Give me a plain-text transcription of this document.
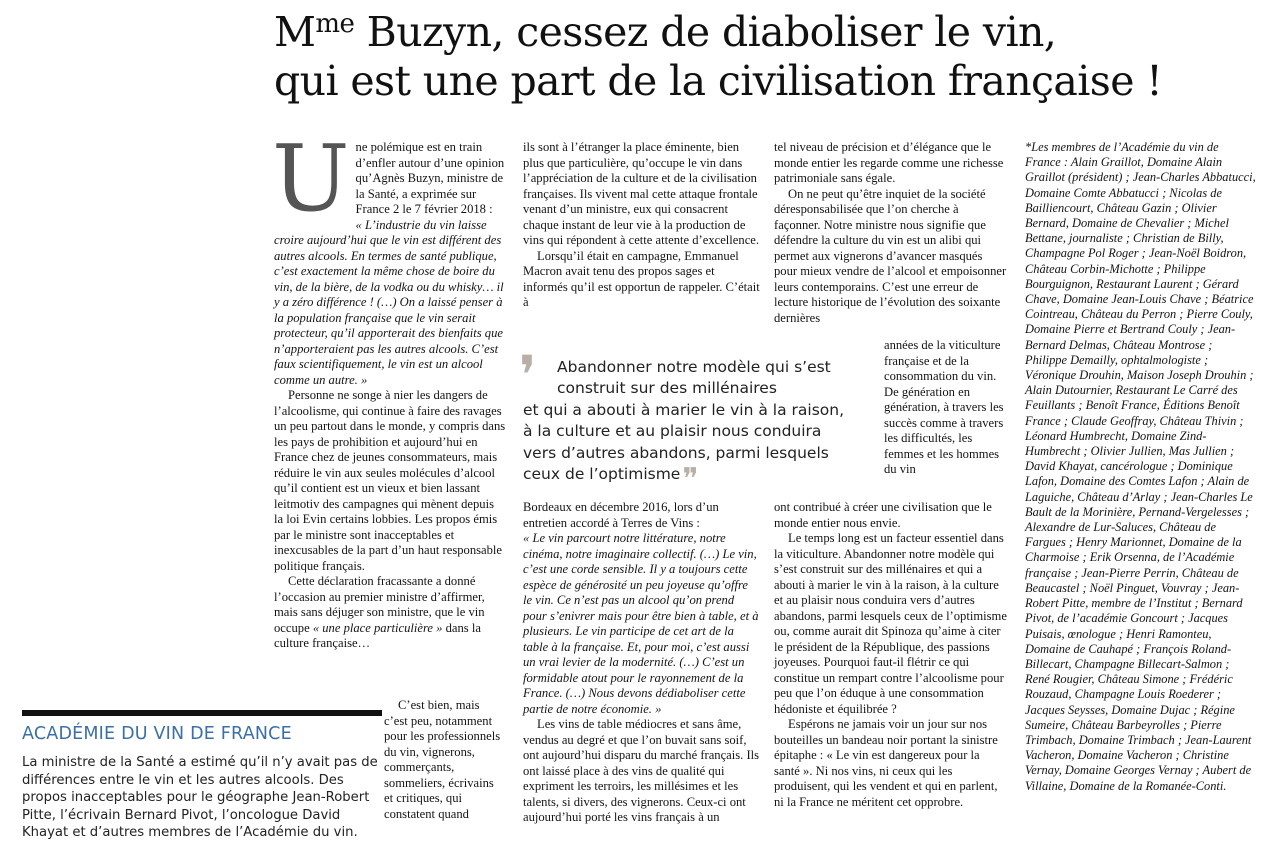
$M^{me}$ Buzyn, cessez de diaboliser le vin,
qui est une part de la civilisation française !
U ne polémique est en train d’enfler autour d’une opinion qu’Agnès Buzyn, ministre de la Santé, a exprimée sur France 2 le 7 février 2018 :

« L’industrie du vin laisse croire aujourd’hui que le vin est différent des autres alcools. En termes de santé publique, c’est exactement la même chose de boire du vin, de la bière, de la vodka ou du whisky… il y a zéro différence ! (…) On a laissé penser à la population française que le vin serait protecteur, qu’il apporterait des bienfaits que n’apporteraient pas les autres alcools. C’est faux scientifiquement, le vin est un alcool comme un autre. »

Personne ne songe à nier les dangers de l’alcoolisme, qui continue à faire des ravages un peu partout dans le monde, y compris dans les pays de prohibition et aujourd’hui en France chez de jeunes consommateurs, mais réduire le vin aux seules molécules d’alcool qu’il contient est un vieux et bien lassant leitmotiv des campagnes qui mènent depuis la loi Evin certains lobbies. Les propos émis par le ministre sont inacceptables et inexcusables de la part d’un haut responsable politique français.

Cette déclaration fracassante a donné l’occasion au premier ministre d’affirmer, mais sans déjuger son ministre, que le vin occupe « une place particulière » dans la culture française…

C’est bien, mais c’est peu, notamment pour les professionnels du vin, vignerons, commerçants, sommeliers, écrivains et critiques, qui constatent quand

ils sont à l’étranger la place éminente, bien plus que particulière, qu’occupe le vin dans l’appréciation de la culture et de la civilisation françaises. Ils vivent mal cette attaque frontale venant d’un ministre, eux qui consacrent chaque instant de leur vie à la production de vins qui répondent à cette attente d’excellence.

Lorsqu’il était en campagne, Emmanuel Macron avait tenu des propos sages et informés qu’il est opportun de rappeler. C’était à

❜	Abandonner notre modèle qui s’est
construit sur des millénaires
et qui a abouti à marier le vin à la raison,
à la culture et au plaisir nous conduira
vers d’autres abandons, parmi lesquels
ceux de l’optimisme❞

Bordeaux en décembre 2016, lors d’un entretien accordé à Terres de Vins :

« Le vin parcourt notre littérature, notre cinéma, notre imaginaire collectif. (…) Le vin, c’est une corde sensible. Il y a toujours cette espèce de générosité un peu joyeuse qu’offre le vin. Ce n’est pas un alcool qu’on prend pour s’enivrer mais pour être bien à table, et à plusieurs. Le vin participe de cet art de la table à la française. Et, pour moi, c’est aussi un vrai levier de la modernité. (…) C’est un formidable atout pour le rayonnement de la France. (…) Nous devons dédiaboliser cette partie de notre économie. »

Les vins de table médiocres et sans âme, vendus au degré et que l’on buvait sans soif, ont aujourd’hui disparu du marché français. Ils ont laissé place à des vins de qualité qui expriment les terroirs, les millésimes et les talents, si divers, des vignerons. Ceux-ci ont aujourd’hui porté les vins français à un

tel niveau de précision et d’élégance que le monde entier les regarde comme une richesse patrimoniale sans égale.

On ne peut qu’être inquiet de la société déresponsabilisée que l’on cherche à façonner. Notre ministre nous signifie que défendre la culture du vin est un alibi qui permet aux vignerons d’avancer masqués pour mieux vendre de l’alcool et empoisonner leurs contemporains. C’est une erreur de lecture historique de l’évolution des soixante dernières

années de la viticulture française et de la consommation du vin. De génération en génération, à travers les succès comme à travers les difficultés, les femmes et les hommes du vin

ont contribué à créer une civilisation que le monde entier nous envie.

Le temps long est un facteur essentiel dans la viticulture. Abandonner notre modèle qui s’est construit sur des millénaires et qui a abouti à marier le vin à la raison, à la culture et au plaisir nous conduira vers d’autres abandons, parmi lesquels ceux de l’optimisme ou, comme aurait dit Spinoza qu’aime à citer le président de la République, des passions joyeuses. Pourquoi faut-il flétrir ce qui constitue un rempart contre l’alcoolisme pour peu que l’on éduque à une consommation hédoniste et équilibrée ?

Espérons ne jamais voir un jour sur nos bouteilles un bandeau noir portant la sinistre épitaphe : « Le vin est dangereux pour la santé ». Ni nos vins, ni ceux qui les produisent, qui les vendent et qui en parlent, ni la France ne méritent cet opprobre.

*Les membres de l’Académie du vin de France : Alain Graillot, Domaine Alain Graillot (président) ; Jean-Charles Abbatucci, Domaine Comte Abbatucci ; Nicolas de Bailliencourt, Château Gazin ; Olivier Bernard, Domaine de Chevalier ; Michel Bettane, journaliste ; Christian de Billy, Champagne Pol Roger ; Jean-Noël Boidron, Château Corbin-Michotte ; Philippe Bourguignon, Restaurant Laurent ; Gérard Chave, Domaine Jean-Louis Chave ; Béatrice Cointreau, Château du Perron ; Pierre Couly, Domaine Pierre et Bertrand Couly ; Jean-Bernard Delmas, Château Montrose ; Philippe Demailly, ophtalmologiste ; Véronique Drouhin, Maison Joseph Drouhin ; Alain Dutournier, Restaurant Le Carré des Feuillants ; Benoît France, Éditions Benoît France ; Claude Geoffray, Château Thivin ; Léonard Humbrecht, Domaine Zind-Humbrecht ; Olivier Jullien, Mas Jullien ; David Khayat, cancérologue ; Dominique Lafon, Domaine des Comtes Lafon ; Alain de Laguiche, Château d’Arlay ; Jean-Charles Le Bault de la Morinière, Pernand-Vergelesses ; Alexandre de Lur-Saluces, Château de Fargues ; Henry Marionnet, Domaine de la Charmoise ; Erik Orsenna, de l’Académie française ; Jean-Pierre Perrin, Château de Beaucastel ; Noël Pinguet, Vouvray ; Jean-Robert Pitte, membre de l’Institut ; Bernard Pivot, de l’académie Goncourt ; Jacques Puisais, œnologue ; Henri Ramonteu, Domaine de Cauhapé ; François Roland-Billecart, Champagne Billecart-Salmon ; René Rougier, Château Simone ; Frédéric Rouzaud, Champagne Louis Roederer ; Jacques Seysses, Domaine Dujac ; Régine Sumeire, Château Barbeyrolles ; Pierre Trimbach, Domaine Trimbach ; Jean-Laurent Vacheron, Domaine Vacheron ; Christine Vernay, Domaine Georges Vernay ; Aubert de Villaine, Domaine de la Romanée-Conti.

ACADÉMIE DU VIN DE FRANCE

La ministre de la Santé a estimé qu’il n’y avait pas de différences entre le vin et les autres alcools. Des propos inacceptables pour le géographe Jean-Robert Pitte, l’écrivain Bernard Pivot, l’oncologue David Khayat et d’autres membres de l’Académie du vin.
